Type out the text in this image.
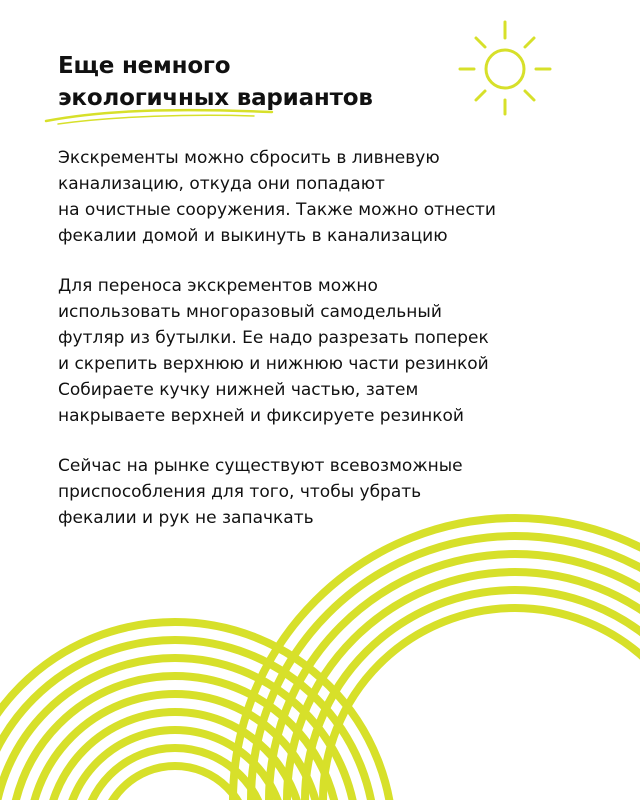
Еще немного
экологичных вариантов

Экскременты можно сбросить в ливневую
канализацию, откуда они попадают
на очистные сооружения. Также можно отнести
фекалии домой и выкинуть в канализацию

Для переноса экскрементов можно
использовать многоразовый самодельный
футляр из бутылки. Ее надо разрезать поперек
и скрепить верхнюю и нижнюю части резинкой
Собираете кучку нижней частью, затем
накрываете верхней и фиксируете резинкой

Сейчас на рынке существуют всевозможные
приспособления для того, чтобы убрать
фекалии и рук не запачкать
